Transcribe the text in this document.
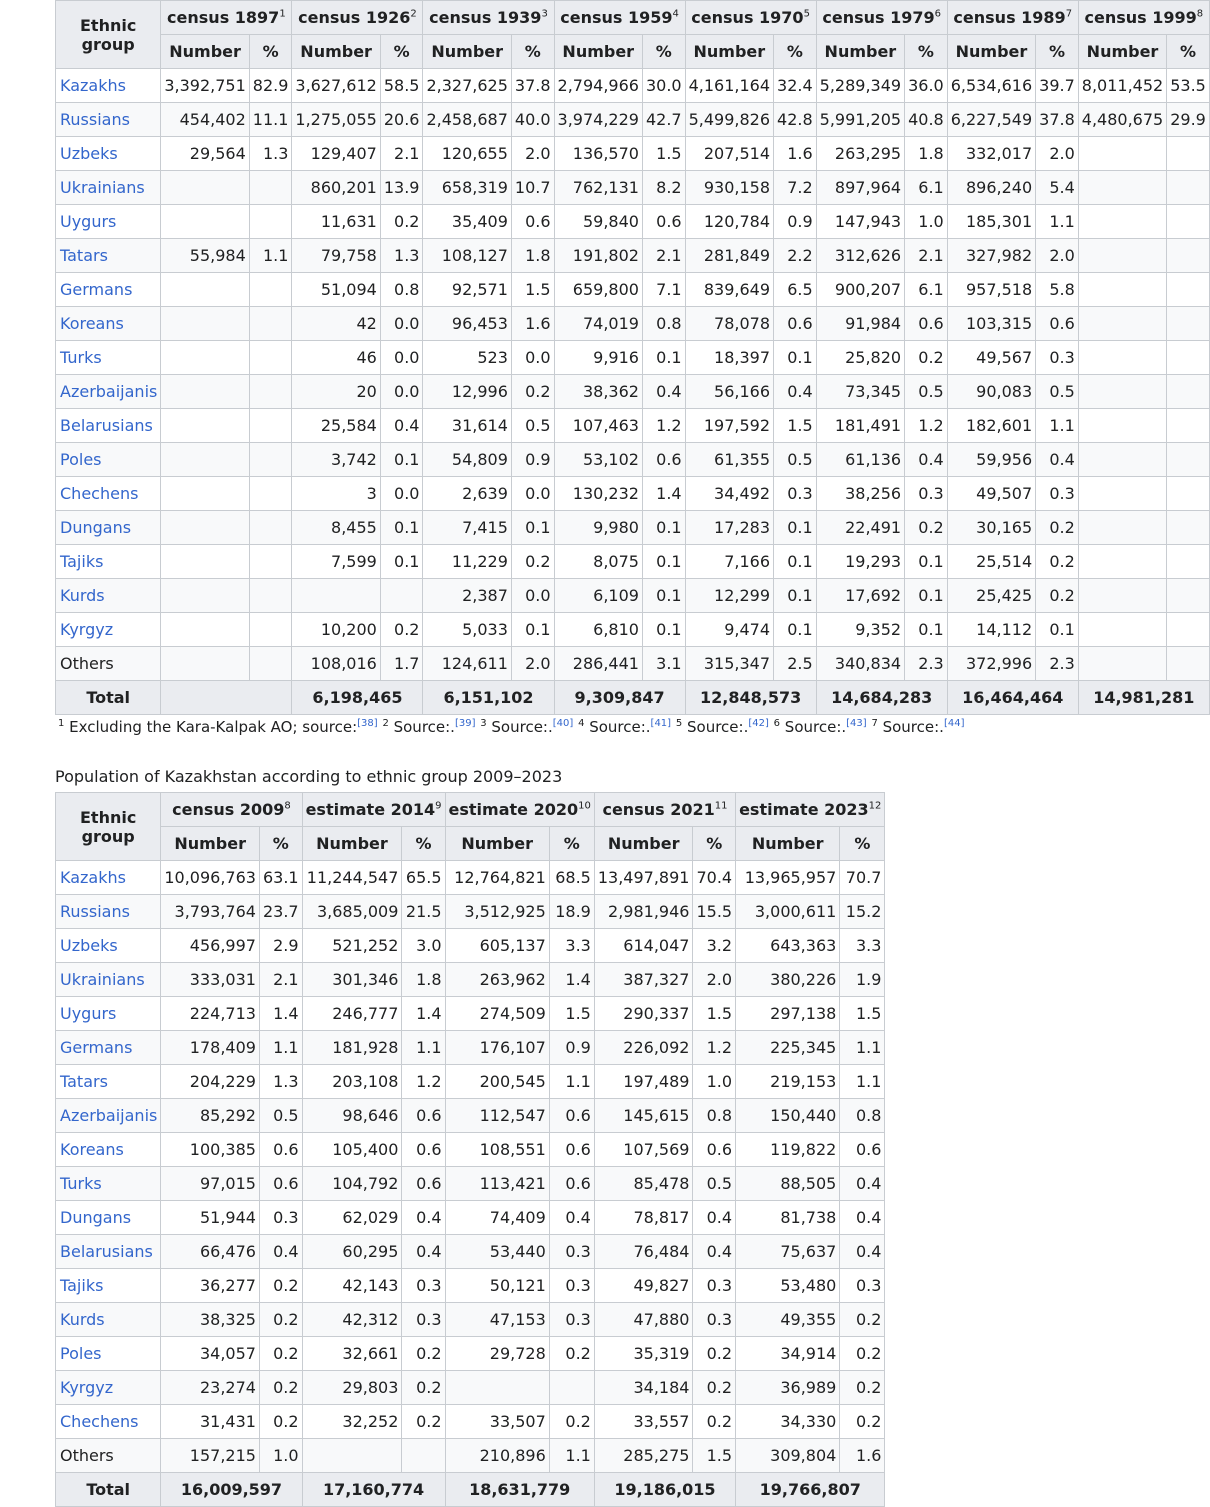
Ethnic
group	census 1897$^1$		census 1926$^2$		census 1939$^3$		census 1959$^4$		census 1970$^5$		census 1979$^6$		census 1989$^7$		census 1999$^8$
	Number	%	Number	%	Number	%	Number	%	Number	%	Number	%	Number	%	Number	%
Kazakhs	3,392,751	82.9	3,627,612	58.5	2,327,625	37.8	2,794,966	30.0	4,161,164	32.4	5,289,349	36.0	6,534,616	39.7	8,011,452	53.5
Russians	454,402	11.1	1,275,055	20.6	2,458,687	40.0	3,974,229	42.7	5,499,826	42.8	5,991,205	40.8	6,227,549	37.8	4,480,675	29.9
Uzbeks	29,564	1.3	129,407	2.1	120,655	2.0	136,570	1.5	207,514	1.6	263,295	1.8	332,017	2.0		
Ukrainians			860,201	13.9	658,319	10.7	762,131	8.2	930,158	7.2	897,964	6.1	896,240	5.4		
Uygurs			11,631	0.2	35,409	0.6	59,840	0.6	120,784	0.9	147,943	1.0	185,301	1.1		
Tatars	55,984	1.1	79,758	1.3	108,127	1.8	191,802	2.1	281,849	2.2	312,626	2.1	327,982	2.0		
Germans			51,094	0.8	92,571	1.5	659,800	7.1	839,649	6.5	900,207	6.1	957,518	5.8		
Koreans			42	0.0	96,453	1.6	74,019	0.8	78,078	0.6	91,984	0.6	103,315	0.6		
Turks			46	0.0	523	0.0	9,916	0.1	18,397	0.1	25,820	0.2	49,567	0.3		
Azerbaijanis			20	0.0	12,996	0.2	38,362	0.4	56,166	0.4	73,345	0.5	90,083	0.5		
Belarusians			25,584	0.4	31,614	0.5	107,463	1.2	197,592	1.5	181,491	1.2	182,601	1.1		
Poles			3,742	0.1	54,809	0.9	53,102	0.6	61,355	0.5	61,136	0.4	59,956	0.4		
Chechens			3	0.0	2,639	0.0	130,232	1.4	34,492	0.3	38,256	0.3	49,507	0.3		
Dungans			8,455	0.1	7,415	0.1	9,980	0.1	17,283	0.1	22,491	0.2	30,165	0.2		
Tajiks			7,599	0.1	11,229	0.2	8,075	0.1	7,166	0.1	19,293	0.1	25,514	0.2		
Kurds					2,387	0.0	6,109	0.1	12,299	0.1	17,692	0.1	25,425	0.2		
Kyrgyz			10,200	0.2	5,033	0.1	6,810	0.1	9,474	0.1	9,352	0.1	14,112	0.1		
Others			108,016	1.7	124,611	2.0	286,441	3.1	315,347	2.5	340,834	2.3	372,996	2.3		
Total			6,198,465		6,151,102		9,309,847		12,848,573		14,684,283		16,464,464		14,981,281	
$^1$ Excluding the Kara-Kalpak AO; source:[38] $^2$ Source:.[39] $^3$ Source:.[40] $^4$ Source:.[41] $^5$ Source:.[42] $^6$ Source:.[43] $^7$ Source:.[44]
Population of Kazakhstan according to ethnic group 2009–2023
Ethnic
group	census 2009$^8$		estimate 2014$^9$		estimate 2020$^{10}$		census 2021$^{11}$		estimate 2023$^{12}$
	Number	%	Number	%	Number	%	Number	%	Number	%
Kazakhs	10,096,763	63.1	11,244,547	65.5	12,764,821	68.5	13,497,891	70.4	13,965,957	70.7
Russians	3,793,764	23.7	3,685,009	21.5	3,512,925	18.9	2,981,946	15.5	3,000,611	15.2
Uzbeks	456,997	2.9	521,252	3.0	605,137	3.3	614,047	3.2	643,363	3.3
Ukrainians	333,031	2.1	301,346	1.8	263,962	1.4	387,327	2.0	380,226	1.9
Uygurs	224,713	1.4	246,777	1.4	274,509	1.5	290,337	1.5	297,138	1.5
Germans	178,409	1.1	181,928	1.1	176,107	0.9	226,092	1.2	225,345	1.1
Tatars	204,229	1.3	203,108	1.2	200,545	1.1	197,489	1.0	219,153	1.1
Azerbaijanis	85,292	0.5	98,646	0.6	112,547	0.6	145,615	0.8	150,440	0.8
Koreans	100,385	0.6	105,400	0.6	108,551	0.6	107,569	0.6	119,822	0.6
Turks	97,015	0.6	104,792	0.6	113,421	0.6	85,478	0.5	88,505	0.4
Dungans	51,944	0.3	62,029	0.4	74,409	0.4	78,817	0.4	81,738	0.4
Belarusians	66,476	0.4	60,295	0.4	53,440	0.3	76,484	0.4	75,637	0.4
Tajiks	36,277	0.2	42,143	0.3	50,121	0.3	49,827	0.3	53,480	0.3
Kurds	38,325	0.2	42,312	0.3	47,153	0.3	47,880	0.3	49,355	0.2
Poles	34,057	0.2	32,661	0.2	29,728	0.2	35,319	0.2	34,914	0.2
Kyrgyz	23,274	0.2	29,803	0.2			34,184	0.2	36,989	0.2
Chechens	31,431	0.2	32,252	0.2	33,507	0.2	33,557	0.2	34,330	0.2
Others	157,215	1.0			210,896	1.1	285,275	1.5	309,804	1.6
Total	16,009,597		17,160,774		18,631,779		19,186,015		19,766,807	
